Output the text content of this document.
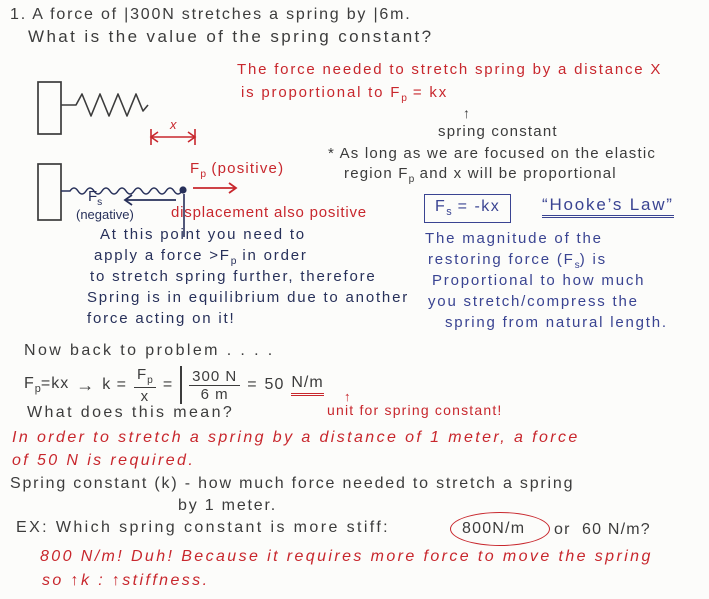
1. A force of |300N stretches a spring by |6m.
What is the value of the spring constant?
The force needed to stretch spring by a distance X
is proportional to $F_p$ = kx
↑
spring constant
x
* As long as we are focused on the elastic
region $F_p$ and x will be proportional
$F_p$ (positive)
$F_s$
(negative) displacement also positive
At this point you need to
apply a force $>F_p$ in order
to stretch spring further, therefore
Spring is in equilibrium due to another
force acting on it!
$F_s = -kx$	“Hooke’s Law”
The magnitude of the
restoring force $(F_s)$ is
Proportional to how much
you stretch/compress the
spring from natural length.
Now back to problem . . . .
$F_p=kx \to k = \frac{F_p}{x} = \frac{300 N}{6 m} = 50$ N/m
↑
unit for spring constant!
What does this mean?
In order to stretch a spring by a distance of 1 meter, a force
of 50 N is required.
Spring constant (k) - how much force needed to stretch a spring
by 1 meter.
EX: Which spring constant is more stiff:	800N/m or 60 N/m?
800 N/m! Duh! Because it requires more force to move the spring
so ↑k : ↑stiffness.
